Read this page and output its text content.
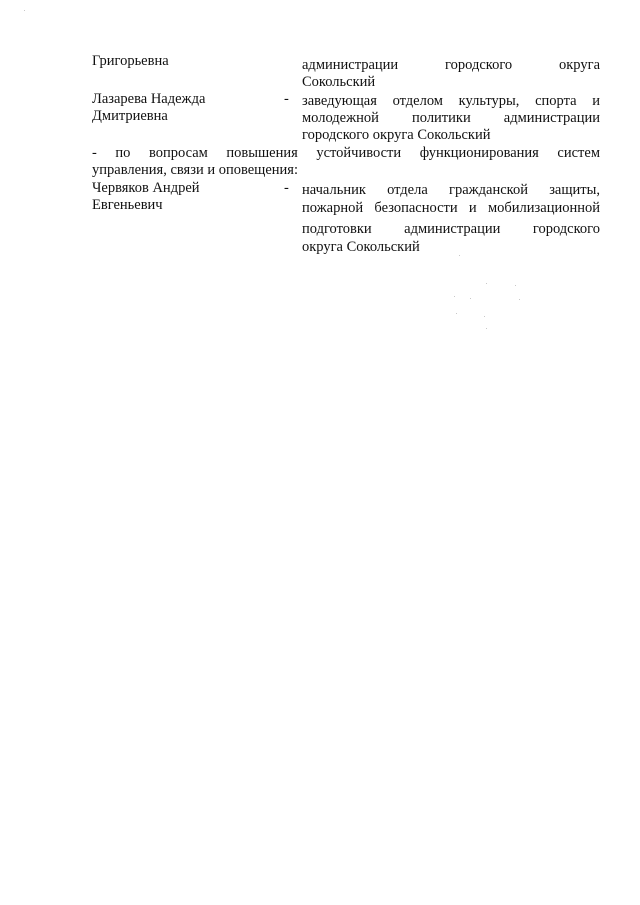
Григорьевна	администрации городского округа
Сокольский
Лазарева Надежда
Дмитриевна
- заведующая отделом культуры, спорта и
молодежной политики администрации
городского округа Сокольский
- по вопросам повышения устойчивости функционирования систем
управления, связи и оповещения:
Червяков Андрей
Евгеньевич
- начальник отдела гражданской защиты,
пожарной безопасности и мобилизационной
подготовки администрации городского
округа Сокольский
